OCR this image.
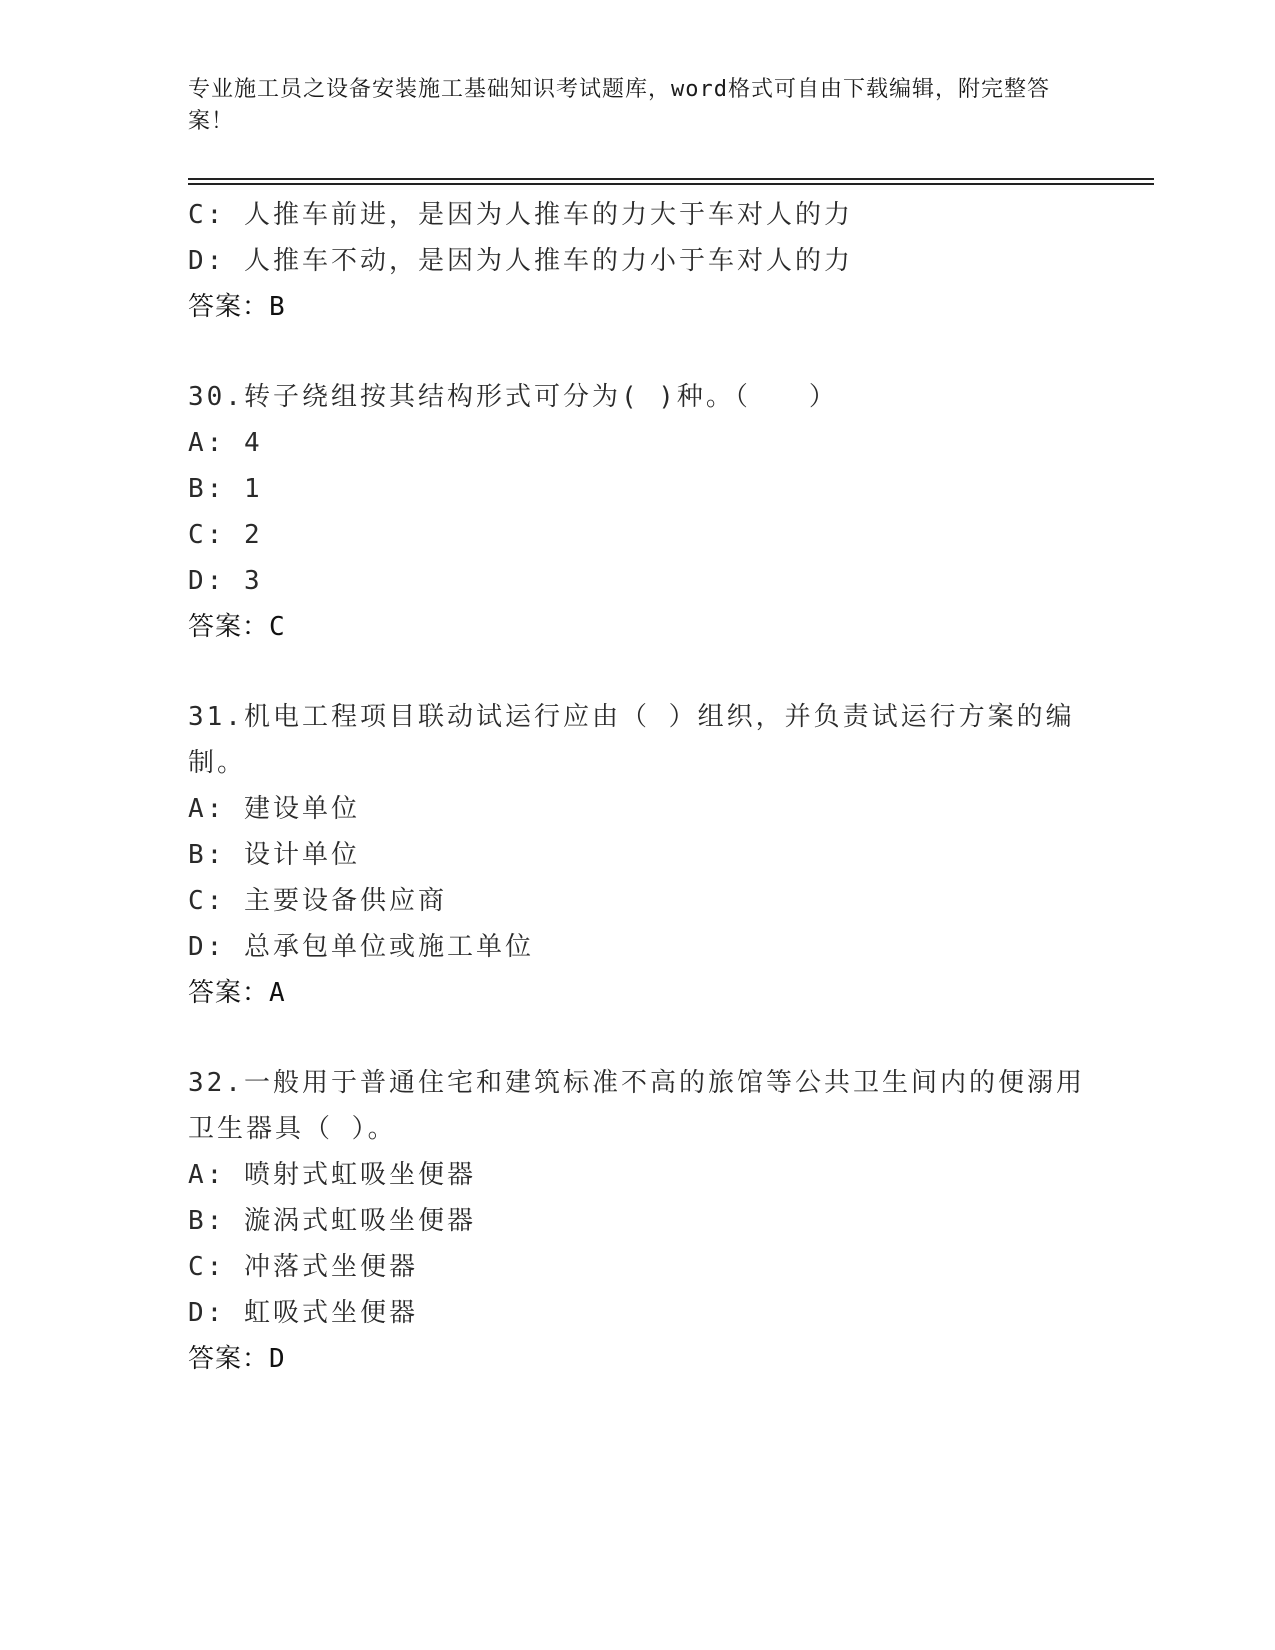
专业施工员之设备安装施工基础知识考试题库，word格式可自由下载编辑，附完整答案！
C: 人推车前进，是因为人推车的力大于车对人的力
D: 人推车不动，是因为人推车的力小于车对人的力
答案：B
30.转子绕组按其结构形式可分为( )种。（　　）
A: 4
B: 1
C: 2
D: 3
答案：C
31.机电工程项目联动试运行应由（ ）组织，并负责试运行方案的编
制。
A: 建设单位
B: 设计单位
C: 主要设备供应商
D: 总承包单位或施工单位
答案：A
32.一般用于普通住宅和建筑标准不高的旅馆等公共卫生间内的便溺用
卫生器具（ ）。
A: 喷射式虹吸坐便器
B: 漩涡式虹吸坐便器
C: 冲落式坐便器
D: 虹吸式坐便器
答案：D
